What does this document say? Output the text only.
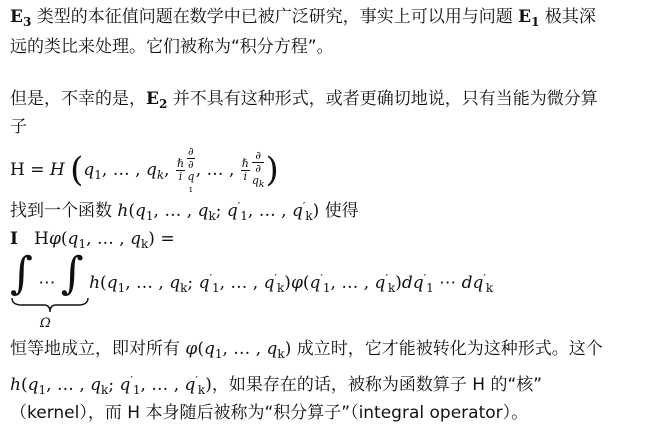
$E_3$ 类型的本征值问题在数学中已被广泛研究，事实上可以用与问题 $E_1$ 极其深
远的类比来处理。它们被称为“积分方程”。
但是，不幸的是，$E_2$ 并不具有这种形式，或者更确切地说，只有当能为微分算
子
H = H ($q_1$, … , $q_k$, $\frac{\text{ℏ}}{i}$ ∂
∂
q
₁ , … , $\frac{\text{ℏ}}{i}$ ∂
∂
$q_k$ )
找到一个函数 $h(q_1$, … , $q_k$; $q'_1$, … , $q'_k$) 使得
I $H\varphi(q_1$, … , $q_k$) =
∫ ⋯ ∫ $h(q_1$, … , $q_k$; $q'_1$, … , $q'_k)\varphi(q'_1$, … , $q'_k)dq'_1$ ⋯ $dq'_k$
Ω
恒等地成立，即对所有 $\varphi(q_1$, … , $q_k$) 成立时，它才能被转化为这种形式。这个
$h(q_1$, … , $q_k$; $q'_1$, … , $q'_k$)，如果存在的话，被称为函数算子 H 的“核”
（kernel），而 H 本身随后被称为“积分算子”（integral operator）。
